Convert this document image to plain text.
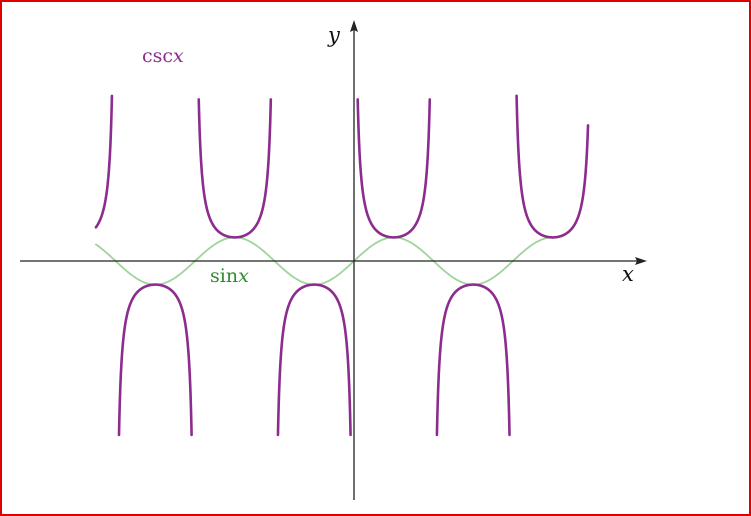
x
y
cscx
sinx
